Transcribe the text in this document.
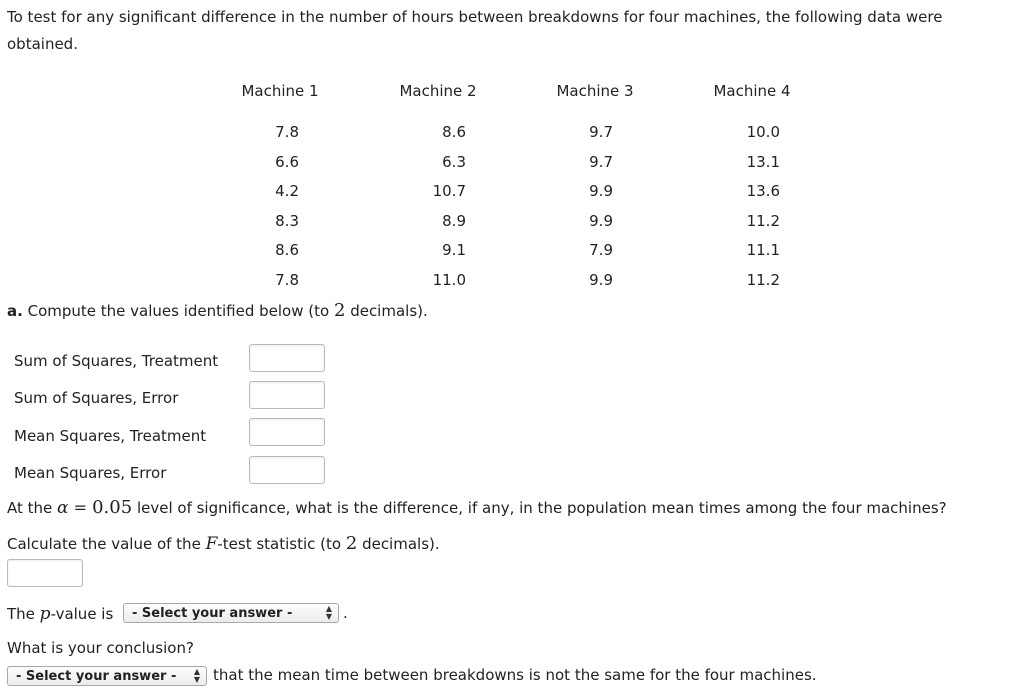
To test for any significant difference in the number of hours between breakdowns for four machines, the following data were obtained.
Machine 1	Machine 2	Machine 3	Machine 4
7.8	8.6	9.7	10.0
6.6	6.3	9.7	13.1
4.2	10.7	9.9	13.6
8.3	8.9	9.9	11.2
8.6	9.1	7.9	11.1
7.8	11.0	9.9	11.2
a. Compute the values identified below (to 2 decimals).
Sum of Squares, Treatment
Sum of Squares, Error
Mean Squares, Treatment
Mean Squares, Error
At the α = 0.05 level of significance, what is the difference, if any, in the population mean times among the four machines?
Calculate the value of the F-test statistic (to 2 decimals).
The p-value is - Select your answer -	▲
▼ .
What is your conclusion?
- Select your answer - ▲
▼ that the mean time between breakdowns is not the same for the four machines.
